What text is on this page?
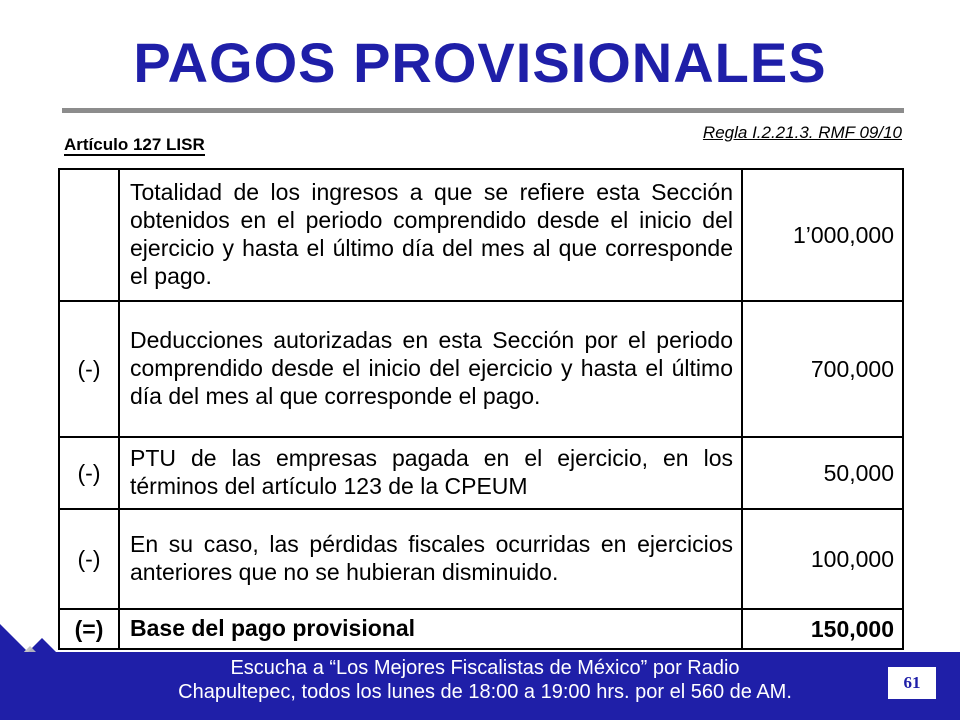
PAGOS PROVISIONALES
Artículo 127 LISR
Regla I.2.21.3. RMF 09/10
	Totalidad de los ingresos a que se refiere esta Sección obtenidos en el periodo comprendido desde el inicio del ejercicio y hasta el último día del mes al que corresponde el pago.	1’000,000
(-)	Deducciones autorizadas en esta Sección por el periodo comprendido desde el inicio del ejercicio y hasta el último día del mes al que corresponde el pago.	700,000
(-)	PTU de las empresas pagada en el ejercicio, en los términos del artículo 123 de la CPEUM	50,000
(-)	En su caso, las pérdidas fiscales ocurridas en ejercicios anteriores que no se hubieran disminuido.	100,000
(=)	Base del pago provisional	150,000
Escucha a “Los Mejores Fiscalistas de México” por Radio
Chapultepec, todos los lunes de 18:00 a 19:00 hrs. por el 560 de AM.	61
